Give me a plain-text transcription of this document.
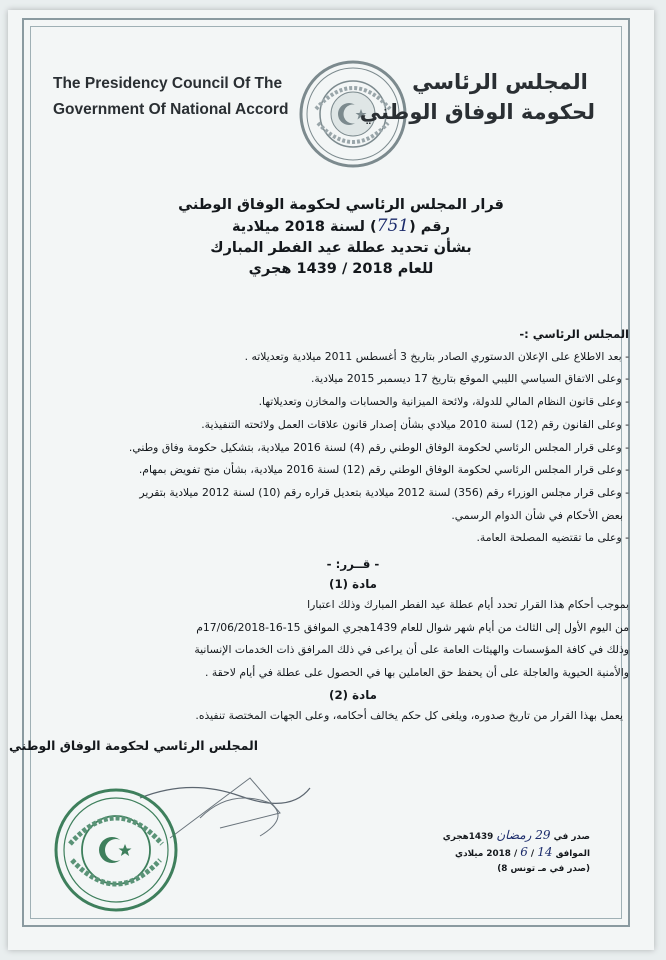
The Presidency Council Of The
Government Of National Accord
المجلس الرئاسي
لحكومة الوفاق الوطني
قرار المجلس الرئاسي لحكومة الوفاق الوطني
رقم (751) لسنة 2018 ميلادية
بشأن تحديد عطلة عيد الفطر المبارك
للعام 2018 / 1439 هجري
المجلس الرئاسي :-
- بعد الاطلاع على الإعلان الدستوري الصادر بتاريخ 3 أغسطس 2011 ميلادية وتعديلاته .
- وعلى الاتفاق السياسي الليبي الموقع بتاريخ 17 ديسمبر 2015 ميلادية.
- وعلى قانون النظام المالي للدولة، ولائحة الميزانية والحسابات والمخازن وتعديلاتها.
- وعلى القانون رقم (12) لسنة 2010 ميلادي بشأن إصدار قانون علاقات العمل ولائحته التنفيذية.
- وعلى قرار المجلس الرئاسي لحكومة الوفاق الوطني رقم (4) لسنة 2016 ميلادية، بتشكيل حكومة وفاق وطني.
- وعلى قرار المجلس الرئاسي لحكومة الوفاق الوطني رقم (12) لسنة 2016 ميلادية، بشأن منح تفويض بمهام.
- وعلى قرار مجلس الوزراء رقم (356) لسنة 2012 ميلادية بتعديل قراره رقم (10) لسنة 2012 ميلادية بتقرير
بعض الأحكام في شأن الدوام الرسمي.
- وعلى ما تقتضيه المصلحة العامة.
- قــرر: -
مادة (1)
بموجب أحكام هذا القرار تحدد أيام عطلة عيد الفطر المبارك وذلك اعتبارا
من اليوم الأول إلى الثالث من أيام شهر شوال للعام 1439هجري الموافق 15-16-17/06/2018م
وذلك في كافة المؤسسات والهيئات العامة على أن يراعى في ذلك المرافق ذات الخدمات الإنسانية
والأمنية الحيوية والعاجلة على أن يحفظ حق العاملين بها في الحصول على عطلة في أيام لاحقة .
مادة (2)
يعمل بهذا القرار من تاريخ صدوره، ويلغى كل حكم يخالف أحكامه، وعلى الجهات المختصة تنفيذه.
المجلس الرئاسي لحكومة الوفاق الوطني
صدر في 29 رمضان 1439هجري
الموافق 14 / 6 / 2018 ميلادي
(صدر في مـ تونس 8)
